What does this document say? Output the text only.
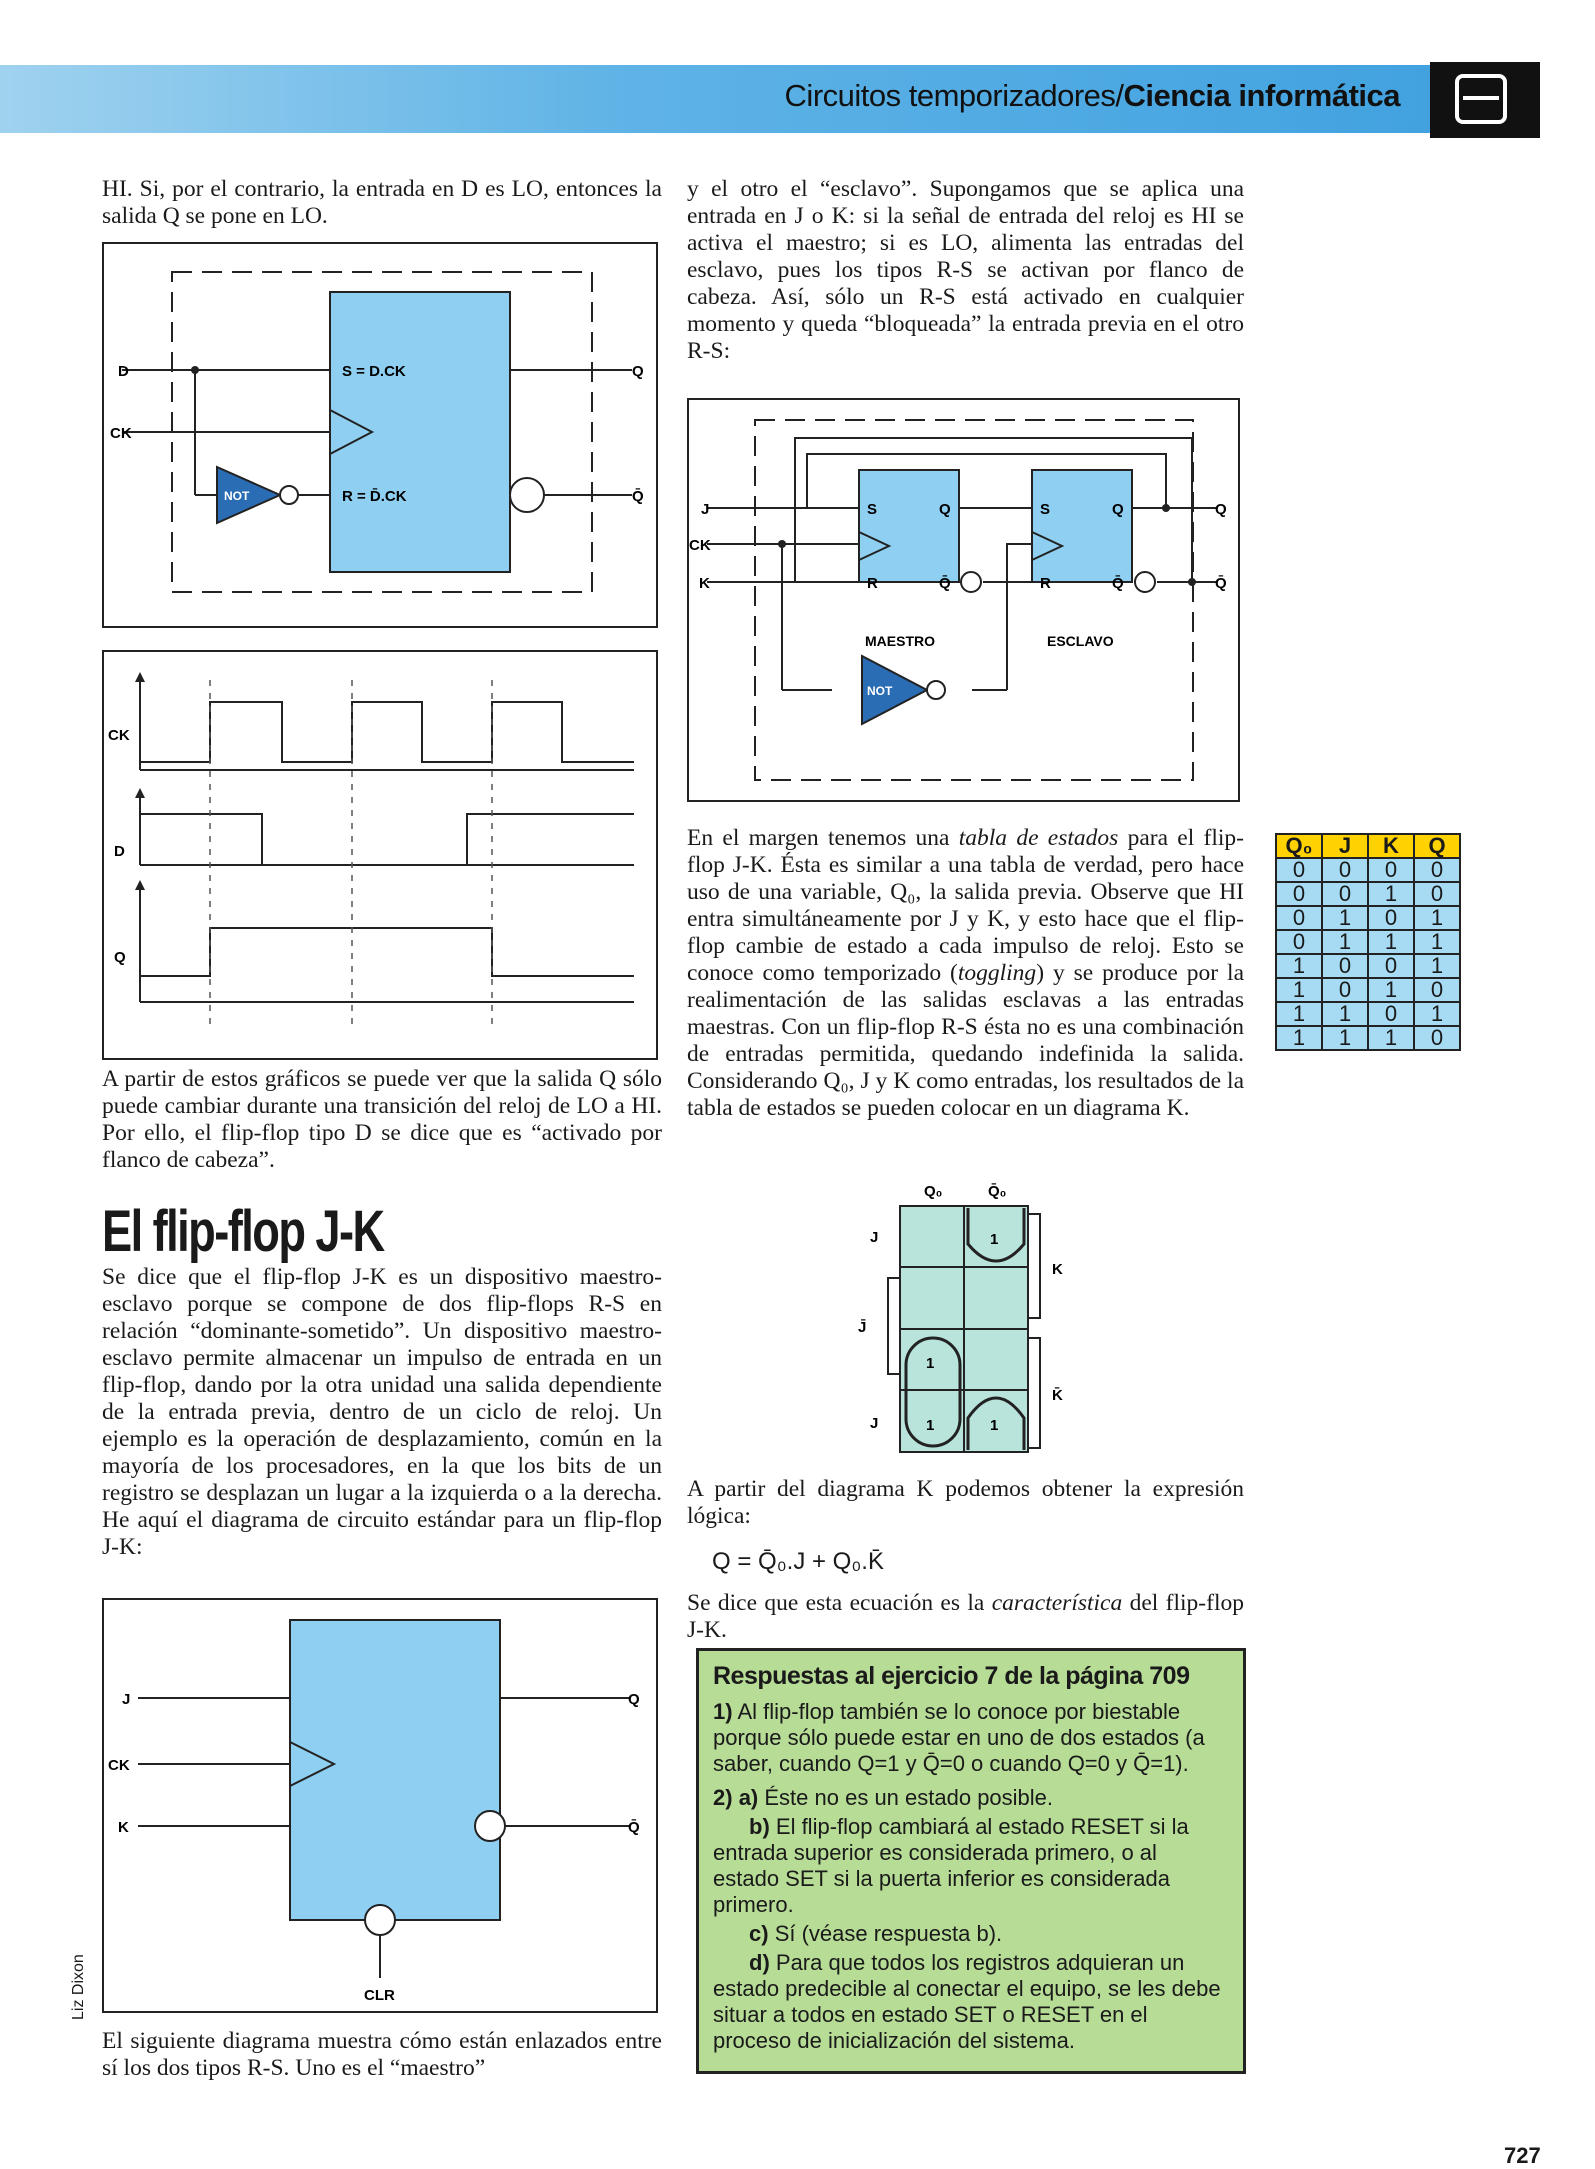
Circuitos temporizadores/Ciencia informática

HI. Si, por el contrario, la entrada en D es LO, entonces la salida Q se pone en LO.

D
CK
S = D.CK
R = D̄.CK
NOT
Q
Q̄
CK
D
Q

A partir de estos gráficos se puede ver que la salida Q sólo puede cambiar durante una transición del reloj de LO a HI. Por ello, el flip-flop tipo D se dice que es “activado por flanco de cabeza”.

El flip-flop J-K

Se dice que el flip-flop J-K es un dispositivo maestro-esclavo porque se compone de dos flip-flops R-S en relación “dominante-sometido”. Un dispositivo maestro-esclavo permite almacenar un impulso de entrada en un flip-flop, dando por la otra unidad una salida dependiente de la entrada previa, dentro de un ciclo de reloj. Un ejemplo es la operación de desplazamiento, común en la mayoría de los procesadores, en la que los bits de un registro se desplazan un lugar a la izquierda o a la derecha. He aquí el diagrama de circuito estándar para un flip-flop J-K:

J
CK
K
Q
Q̄
CLR

El siguiente diagrama muestra cómo están enlazados entre sí los dos tipos R-S. Uno es el “maestro”

y el otro el “esclavo”. Supongamos que se aplica una entrada en J o K: si la señal de entrada del reloj es HI se activa el maestro; si es LO, alimenta las entradas del esclavo, pues los tipos R-S se activan por flanco de cabeza. Así, sólo un R-S está activado en cualquier momento y queda “bloqueada” la entrada previa en el otro R-S:

J
CK
K
S
R
Q
Q̄
S
R
Q
Q̄
MAESTRO	ESCLAVO
NOT
Q
Q̄

En el margen tenemos una tabla de estados para el flip-flop J-K. Ésta es similar a una tabla de verdad, pero hace uso de una variable, Q₀, la salida previa. Observe que HI entra simultáneamente por J y K, y esto hace que el flip-flop cambie de estado a cada impulso de reloj. Esto se conoce como temporizado (toggling) y se produce por la realimentación de las salidas esclavas a las entradas maestras. Con un flip-flop R-S ésta no es una combinación de entradas permitida, quedando indefinida la salida. Considerando Q₀, J y K como entradas, los resultados de la tabla de estados se pueden colocar en un diagrama K.

Q₀	Q̄₀
J
J̄
J
K
K̄
1
1
1	1

A partir del diagrama K podemos obtener la expresión lógica:

Q = Q̄₀.J + Q₀.K̄

Se dice que esta ecuación es la característica del flip-flop J-K.

Respuestas al ejercicio 7 de la página 709

1) Al flip-flop también se lo conoce por biestable porque sólo puede estar en uno de dos estados (a saber, cuando Q=1 y Q̄=0 o cuando Q=0 y Q̄=1).

2) a) Éste no es un estado posible.

b) El flip-flop cambiará al estado RESET si la entrada superior es considerada primero, o al estado SET si la puerta inferior es considerada primero.

c) Sí (véase respuesta b).

d) Para que todos los registros adquieran un estado predecible al conectar el equipo, se les debe situar a todos en estado SET o RESET en el proceso de inicialización del sistema.

Q₀	J	K	Q
0	0	0	0
0	0	1	0
0	1	0	1
0	1	1	1
1	0	0	1
1	0	1	0
1	1	0	1
1	1	1	0
Liz Dixon
727
